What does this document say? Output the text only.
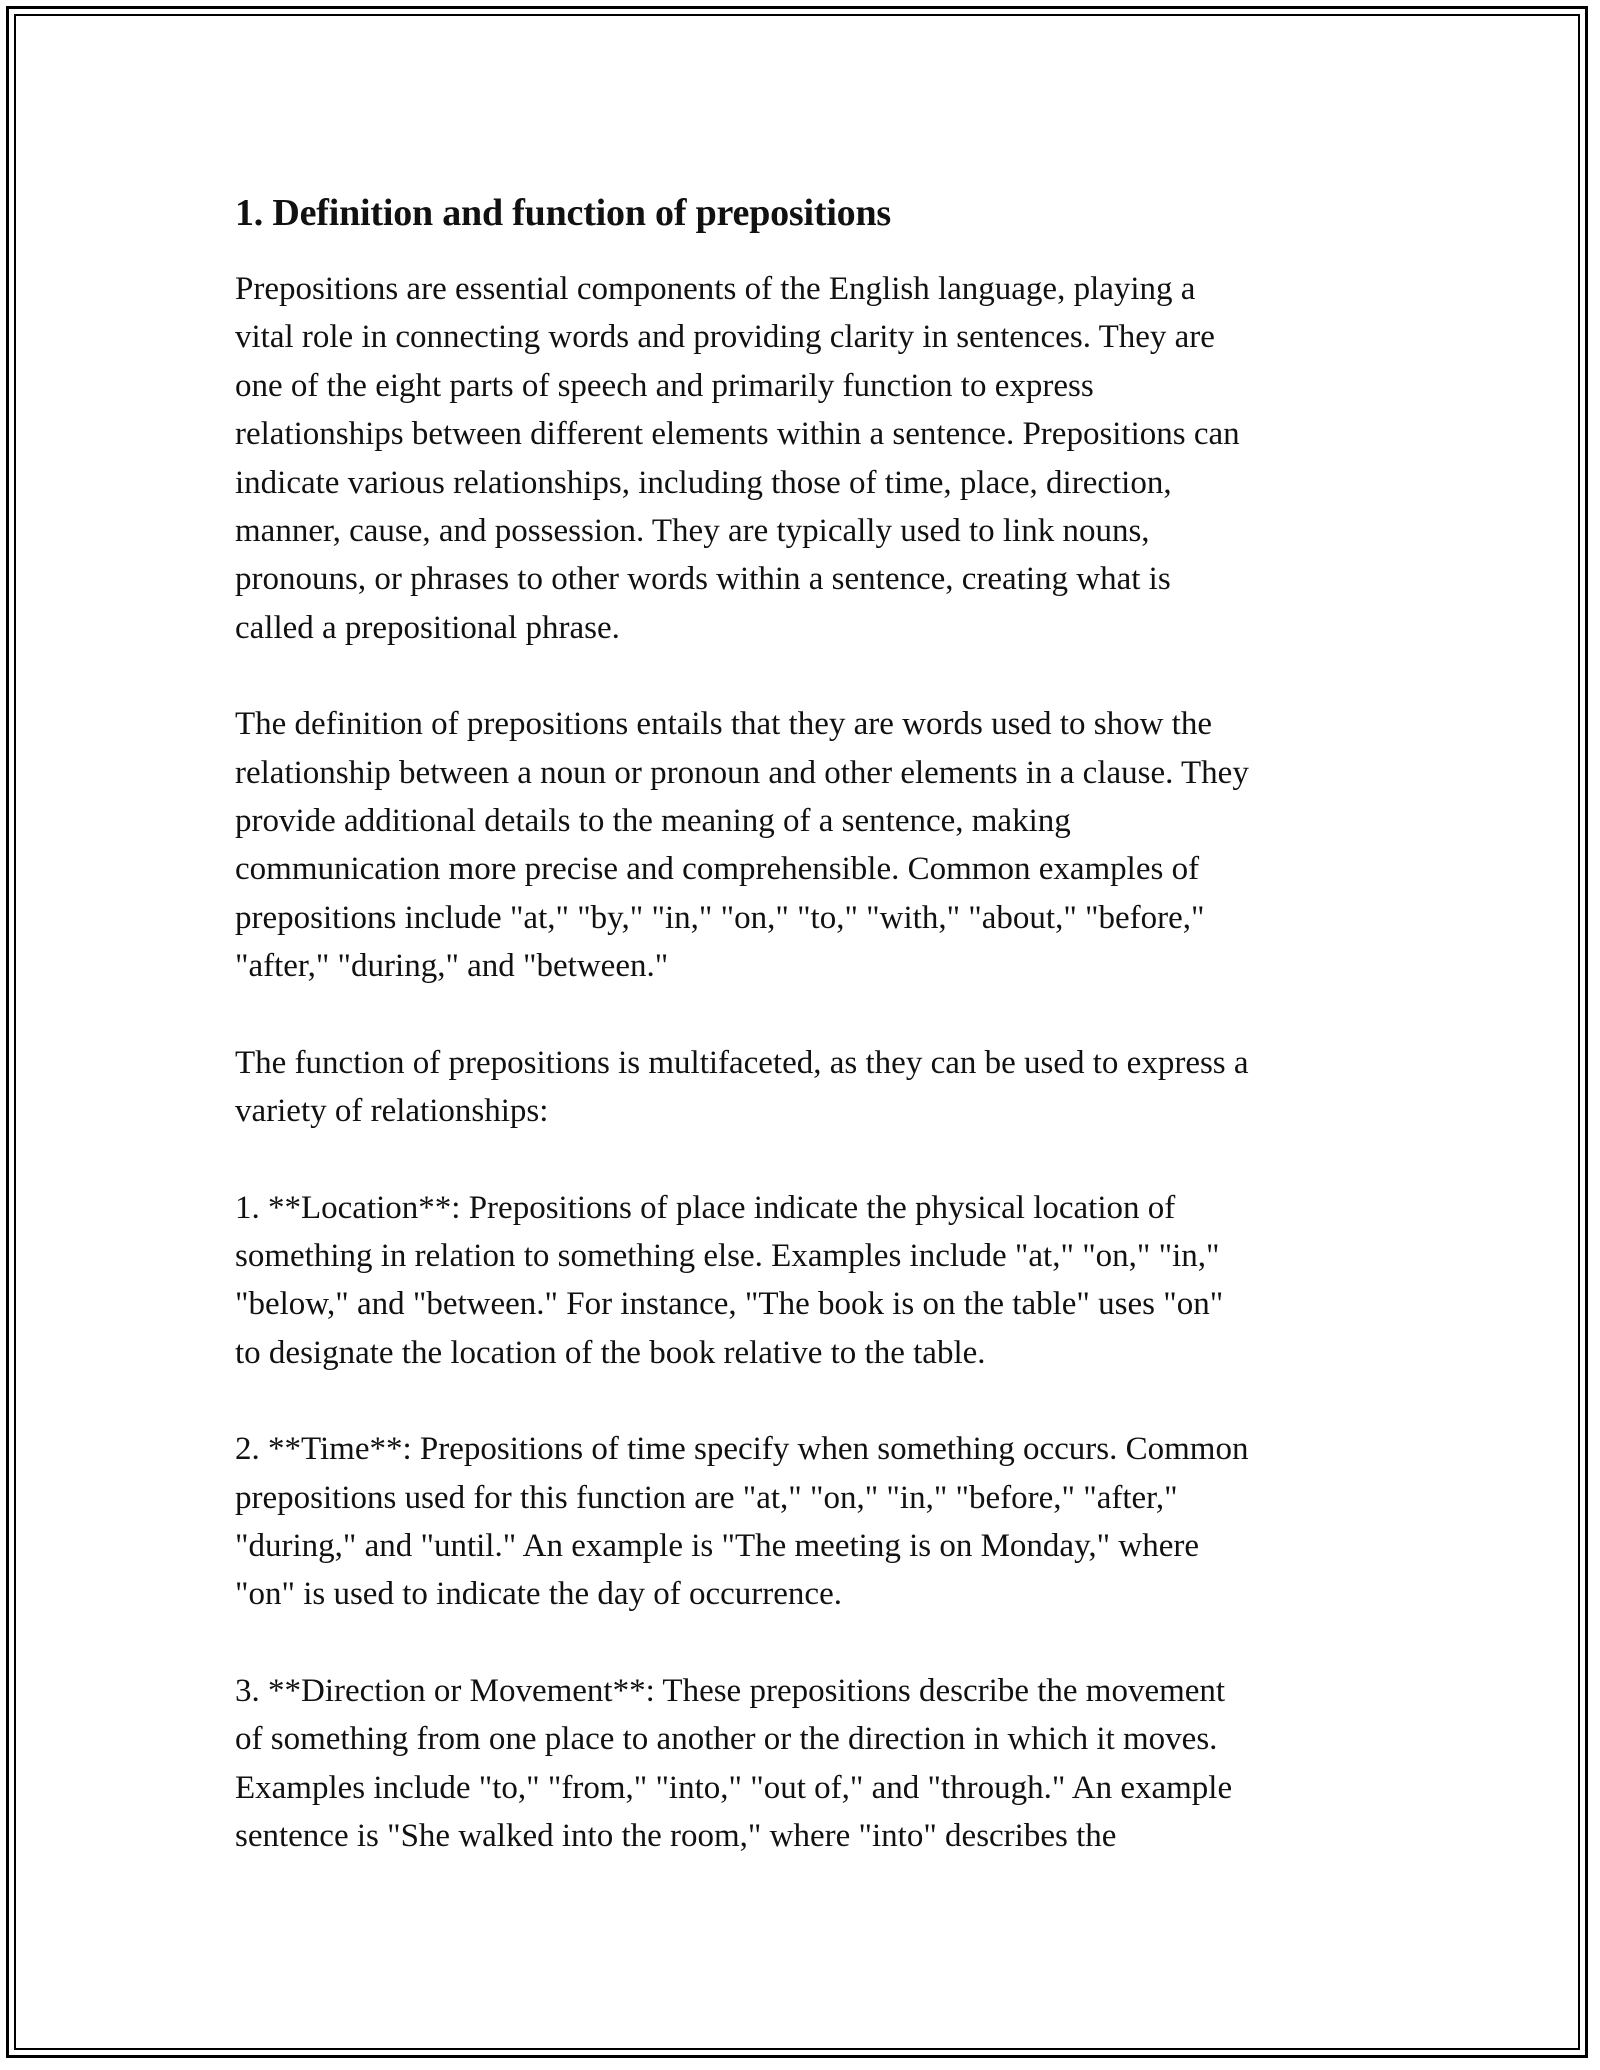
1. Definition and function of prepositions

Prepositions are essential components of the English language, playing a
vital role in connecting words and providing clarity in sentences. They are
one of the eight parts of speech and primarily function to express
relationships between different elements within a sentence. Prepositions can
indicate various relationships, including those of time, place, direction,
manner, cause, and possession. They are typically used to link nouns,
pronouns, or phrases to other words within a sentence, creating what is
called a prepositional phrase.

The definition of prepositions entails that they are words used to show the
relationship between a noun or pronoun and other elements in a clause. They
provide additional details to the meaning of a sentence, making
communication more precise and comprehensible. Common examples of
prepositions include "at," "by," "in," "on," "to," "with," "about," "before,"
"after," "during," and "between."

The function of prepositions is multifaceted, as they can be used to express a
variety of relationships:

1. **Location**: Prepositions of place indicate the physical location of
something in relation to something else. Examples include "at," "on," "in,"
"below," and "between." For instance, "The book is on the table" uses "on"
to designate the location of the book relative to the table.

2. **Time**: Prepositions of time specify when something occurs. Common
prepositions used for this function are "at," "on," "in," "before," "after,"
"during," and "until." An example is "The meeting is on Monday," where
"on" is used to indicate the day of occurrence.

3. **Direction or Movement**: These prepositions describe the movement
of something from one place to another or the direction in which it moves.
Examples include "to," "from," "into," "out of," and "through." An example
sentence is "She walked into the room," where "into" describes the
